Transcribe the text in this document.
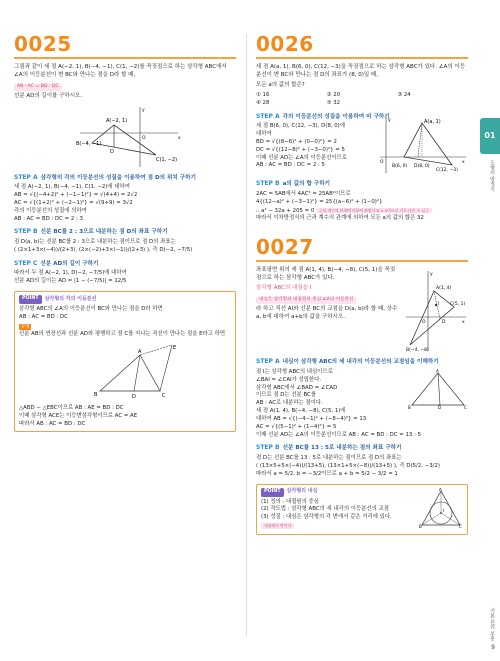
0025
그림과 같이 세 점 A(−2, 1), B(−4, −1), C(1, −2)를 꼭짓점으로 하는 삼각형 ABC에서 ∠A의 이등분선이 변 BC와 만나는 점을 D라 할 때,
AB : AC = BD : DC
선분 AD의 길이를 구하시오.
A(−2, 1)
B(−4, −1)
C(1, −2)
D
O	x
y
STEP A 삼각형의 각의 이등분선의 성질을 이용하여 점 D의 위치 구하기
세 점 A(−2, 1), B(−4, −1), C(1, −2)에 대하여
AB = √{(−4+2)² + (−1−1)²} = √(4+4) = 2√2
AC = √{(1+2)² + (−2−1)²} = √(9+9) = 3√2
각의 이등분선의 성질에 의하여
AB : AC = BD : DC = 2 : 3
STEP B 선분 BC를 2 : 3으로 내분하는 점 D의 좌표 구하기
점 D(a, b)는 선분 BC를 2 : 3으로 내분하는 점이므로 점 D의 좌표는
( (2×1+3×(−4))/(2+3), (2×(−2)+3×(−1))/(2+3) ), 즉 D(−2, −7/5)
STEP C 선분 AD의 길이 구하기
따라서 두 점 A(−2, 1), D(−2, −7/5)에 대하여
선분 AD의 길이는 AD = |1 − (−7/5)| = 12/5
POINT	삼각형의 각의 이등분선
삼각형 ABC의 ∠A의 이등분선이 BC와 만나는 점을 D라 하면
AB : AC = BD : DC
증명
선분 AB의 연장선과 선분 AD와 평행하고 점 C를 지나는 직선이 만나는 점을 E라고 하면
A
B	C
D
E
△ABD ∽ △EBC이므로 AB : AE = BD : DC
이때 삼각형 ACE는 이등변삼각형이므로 AC = AE
따라서 AB : AC = BD : DC
0026
세 점 A(a, 1), B(6, 0), C(12, −3)을 꼭짓점으로 하는 삼각형 ABC가 있다. ∠A의 이등분선이 변 BC와 만나는 점 D의 좌표가 (8, 0)일 때,
모든 a의 값의 합은?
① 16	② 20	③ 24
④ 28	⑤ 32
STEP A 각의 이등분선의 성질을 이용하여 비 구하기
세 점 B(6, 0), C(12, −3), D(8, 0)에
대하여
BD = √{(8−6)² + (0−0)²} = 2
DC = √{(12−8)² + (−3−0)²} = 5
이때 선분 AD는 ∠A의 이등분선이므로
AB : AC = BD : DC = 2 : 5
A(a, 1)
B(6, 0) D(8, 0)
C(12, −3)
O	x
y
STEP B a의 값의 합 구하기
2AC = 5AB에서 4AC² = 25AB²이므로
4{(12−a)² + (−3−1)²} = 25{(a−6)² + (1−0)²}
∴ a² − 32a + 205 = 0 근과 계수의 관계에 의하여 판별식 D > 0이므로 서로 다른 두 실근
따라서 이차방정식의 근과 계수의 관계에 의하여 모든 a의 값의 합은 32
0027
좌표평면 위의 세 점 A(1, 4), B(−4, −8), C(5, 1)을 꼭짓점으로 하는 삼각형 ABC가 있다.
삼각형 ABC의 내심을 I
내심은 삼각형의 내접원의 중심 ∠A의 이등분선
라 하고 직선 AI와 선분 BC의 교점을 D(a, b)라 할 때, 상수 a, b에 대하여 a+b의 값을 구하시오.
A(1, 4)
C(5, 1)
B(−4, −8)
I
D
O	x
y
STEP A 내심이 삼각형 ABC의 세 내각의 이등분선의 교점임을 이해하기
점 I는 삼각형 ABC의 내심이므로
∠BAI = ∠CAI가 성립한다.
삼각형 ABC에서 ∠BAD = ∠CAD
이므로 점 D는 선분 BC를
AB : AC로 내분하는 점이다.
세 점 A(1, 4), B(−4, −8), C(5, 1)에
A
B	C
D
대하여 AB = √{(−4−1)² + (−8−4)²} = 13
AC = √{(5−1)² + (1−4)²} = 5
이때 선분 AD는 ∠A의 이등분선이므로 AB : AC = BD : DC = 13 : 5
STEP B 선분 BC를 13 : 5로 내분하는 점의 좌표 구하기
점 D는 선분 BC를 13 : 5로 내분하는 점이므로 점 D의 좌표는
( (13×5+5×(−4))/(13+5), (13×1+5×(−8))/(13+5) ), 즉 D(5/2, −3/2)
따라서 a = 5/2, b = −3/2이므로 a + b = 5/2 − 3/2 = 1
POINT	삼각형의 내심
(1) 정의 : 내접원의 중심
(2) 작도법 : 삼각형 ABC의 세 내각의 이등분선의 교점
(3) 성질 : 내심은 삼각형의 각 변에서 같은 거리에 있다.
내심에서 변까지
A
B	C
I
01
도형의 방정식
기본 원리 부흥
9
